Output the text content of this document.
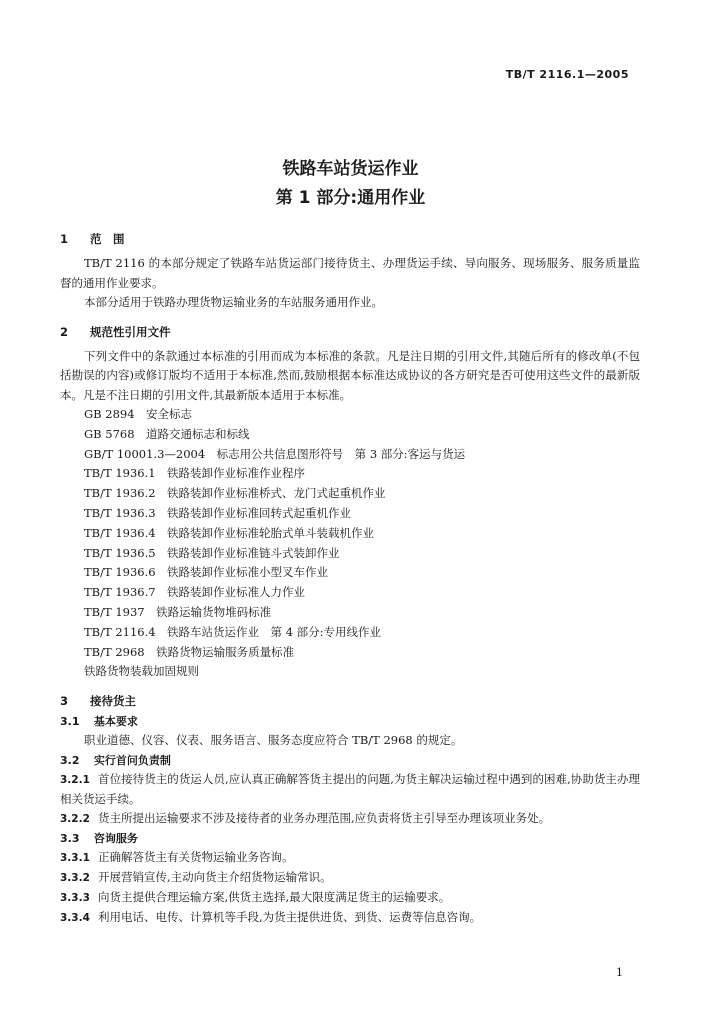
TB/T 2116.1—2005
铁路车站货运作业
第 1 部分:通用作业
1 范　围

TB/T 2116 的本部分规定了铁路车站货运部门接待货主、办理货运手续、导向服务、现场服务、服务质量监督的通用作业要求。

本部分适用于铁路办理货物运输业务的车站服务通用作业。

2 规范性引用文件

下列文件中的条款通过本标准的引用而成为本标准的条款。凡是注日期的引用文件,其随后所有的修改单(不包括勘误的内容)或修订版均不适用于本标准,然而,鼓励根据本标准达成协议的各方研究是否可使用这些文件的最新版本。凡是不注日期的引用文件,其最新版本适用于本标准。

GB 2894　安全标志
GB 5768　道路交通标志和标线
GB/T 10001.3—2004　标志用公共信息图形符号　第 3 部分:客运与货运
TB/T 1936.1　铁路装卸作业标准作业程序
TB/T 1936.2　铁路装卸作业标准桥式、龙门式起重机作业
TB/T 1936.3　铁路装卸作业标准回转式起重机作业
TB/T 1936.4　铁路装卸作业标准轮胎式单斗装载机作业
TB/T 1936.5　铁路装卸作业标准链斗式装卸作业
TB/T 1936.6　铁路装卸作业标准小型叉车作业
TB/T 1936.7　铁路装卸作业标准人力作业
TB/T 1937　铁路运输货物堆码标准
TB/T 2116.4　铁路车站货运作业　第 4 部分:专用线作业
TB/T 2968　铁路货物运输服务质量标准
铁路货物装载加固规则
3 接待货主
3.1 基本要求

职业道德、仪容、仪表、服务语言、服务态度应符合 TB/T 2968 的规定。

3.2 实行首问负责制
3.2.1 首位接待货主的货运人员,应认真正确解答货主提出的问题,为货主解决运输过程中遇到的困难,协助货主办理相关货运手续。
3.2.2 货主所提出运输要求不涉及接待者的业务办理范围,应负责将货主引导至办理该项业务处。
3.3 咨询服务
3.3.1 正确解答货主有关货物运输业务咨询。
3.3.2 开展营销宣传,主动向货主介绍货物运输常识。
3.3.3 向货主提供合理运输方案,供货主选择,最大限度满足货主的运输要求。
3.3.4 利用电话、电传、计算机等手段,为货主提供进货、到货、运费等信息咨询。
1
